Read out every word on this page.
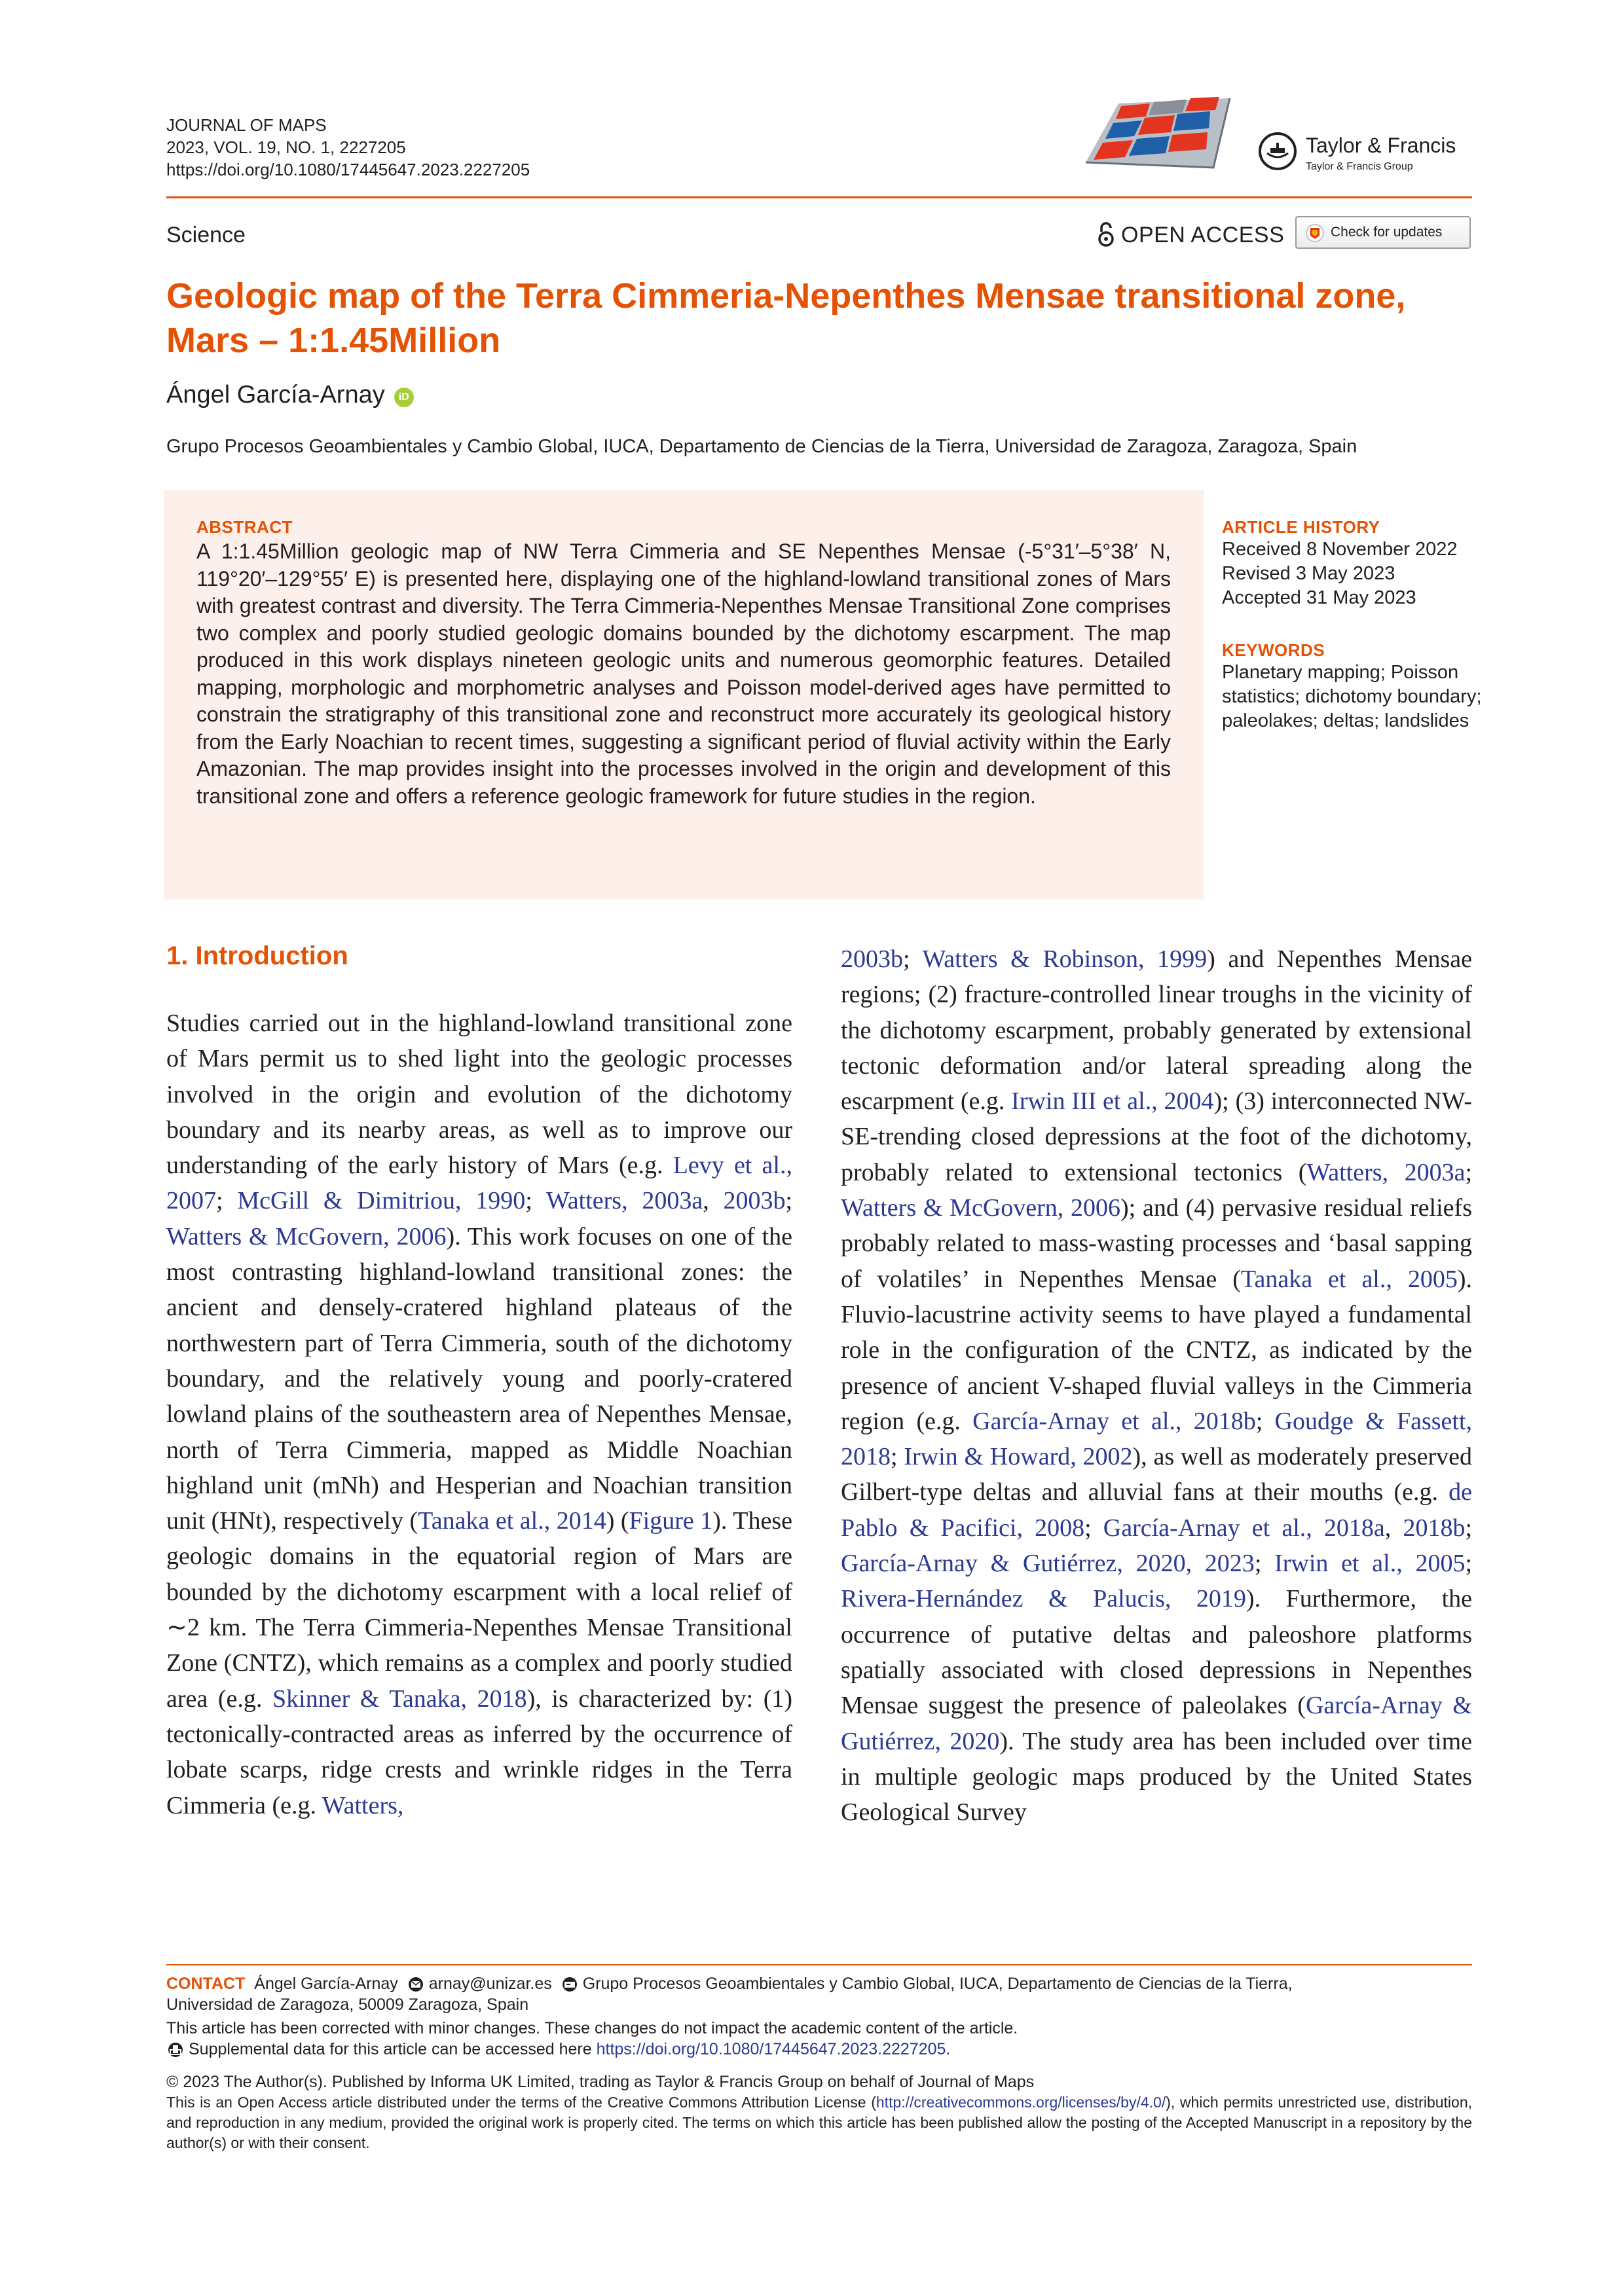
JOURNAL OF MAPS
2023, VOL. 19, NO. 1, 2227205
https://doi.org/10.1080/17445647.2023.2227205
Taylor & Francis
Taylor & Francis Group
Science	OPEN ACCESS	Check for updates
Geologic map of the Terra Cimmeria-Nepenthes Mensae transitional zone, Mars – 1:1.45Million
Ángel García-Arnay iD
Grupo Procesos Geoambientales y Cambio Global, IUCA, Departamento de Ciencias de la Tierra, Universidad de Zaragoza, Zaragoza, Spain
ABSTRACT
A 1:1.45Million geologic map of NW Terra Cimmeria and SE Nepenthes Mensae (-5°31′–5°38′ N, 119°20′–129°55′ E) is presented here, displaying one of the highland-lowland transitional zones of Mars with greatest contrast and diversity. The Terra Cimmeria-Nepenthes Mensae Transitional Zone comprises two complex and poorly studied geologic domains bounded by the dichotomy escarpment. The map produced in this work displays nineteen geologic units and numerous geomorphic features. Detailed mapping, morphologic and morphometric analyses and Poisson model-derived ages have permitted to constrain the stratigraphy of this transitional zone and reconstruct more accurately its geological history from the Early Noachian to recent times, suggesting a significant period of fluvial activity within the Early Amazonian. The map provides insight into the processes involved in the origin and development of this transitional zone and offers a reference geologic framework for future studies in the region.
ARTICLE HISTORY
Received 8 November 2022
Revised 3 May 2023
Accepted 31 May 2023
KEYWORDS
Planetary mapping; Poisson statistics; dichotomy boundary; paleolakes; deltas; landslides
1. Introduction
Studies carried out in the highland-lowland transitional zone of Mars permit us to shed light into the geologic processes involved in the origin and evolution of the dichotomy boundary and its nearby areas, as well as to improve our understanding of the early history of Mars (e.g. Levy et al., 2007; McGill & Dimitriou, 1990; Watters, 2003a, 2003b; Watters & McGovern, 2006). This work focuses on one of the most contrasting highland-lowland transitional zones: the ancient and densely-cratered highland plateaus of the northwestern part of Terra Cimmeria, south of the dichotomy boundary, and the relatively young and poorly-cratered lowland plains of the southeastern area of Nepenthes Mensae, north of Terra Cimmeria, mapped as Middle Noachian highland unit (mNh) and Hesperian and Noachian transition unit (HNt), respectively (Tanaka et al., 2014) (Figure 1). These geologic domains in the equatorial region of Mars are bounded by the dichotomy escarpment with a local relief of ∼2 km. The Terra Cimmeria-Nepenthes Mensae Transitional Zone (CNTZ), which remains as a complex and poorly studied area (e.g. Skinner & Tanaka, 2018), is characterized by: (1) tectonically-contracted areas as inferred by the occurrence of lobate scarps, ridge crests and wrinkle ridges in the Terra Cimmeria (e.g. Watters,
2003b; Watters & Robinson, 1999) and Nepenthes Mensae regions; (2) fracture-controlled linear troughs in the vicinity of the dichotomy escarpment, probably generated by extensional tectonic deformation and/or lateral spreading along the escarpment (e.g. Irwin III et al., 2004); (3) interconnected NW-SE-trending closed depressions at the foot of the dichotomy, probably related to extensional tectonics (Watters, 2003a; Watters & McGovern, 2006); and (4) pervasive residual reliefs probably related to mass-wasting processes and ‘basal sapping of volatiles’ in Nepenthes Mensae (Tanaka et al., 2005). Fluvio-lacustrine activity seems to have played a fundamental role in the configuration of the CNTZ, as indicated by the presence of ancient V-shaped fluvial valleys in the Cimmeria region (e.g. García-Arnay et al., 2018b; Goudge & Fassett, 2018; Irwin & Howard, 2002), as well as moderately preserved Gilbert-type deltas and alluvial fans at their mouths (e.g. de Pablo & Pacifici, 2008; García-Arnay et al., 2018a, 2018b; García-Arnay & Gutiérrez, 2020, 2023; Irwin et al., 2005; Rivera-Hernández & Palucis, 2019). Furthermore, the occurrence of putative deltas and paleoshore platforms spatially associated with closed depressions in Nepenthes Mensae suggest the presence of paleolakes (García-Arnay & Gutiérrez, 2020). The study area has been included over time in multiple geologic maps produced by the United States Geological Survey
CONTACT Ángel García-Arnay arnay@unizar.es Grupo Procesos Geoambientales y Cambio Global, IUCA, Departamento de Ciencias de la Tierra,
Universidad de Zaragoza, 50009 Zaragoza, Spain
This article has been corrected with minor changes. These changes do not impact the academic content of the article.
Supplemental data for this article can be accessed here https://doi.org/10.1080/17445647.2023.2227205.
© 2023 The Author(s). Published by Informa UK Limited, trading as Taylor & Francis Group on behalf of Journal of Maps
This is an Open Access article distributed under the terms of the Creative Commons Attribution License (http://creativecommons.org/licenses/by/4.0/), which permits unrestricted use, distribution, and reproduction in any medium, provided the original work is properly cited. The terms on which this article has been published allow the posting of the Accepted Manuscript in a repository by the author(s) or with their consent.
